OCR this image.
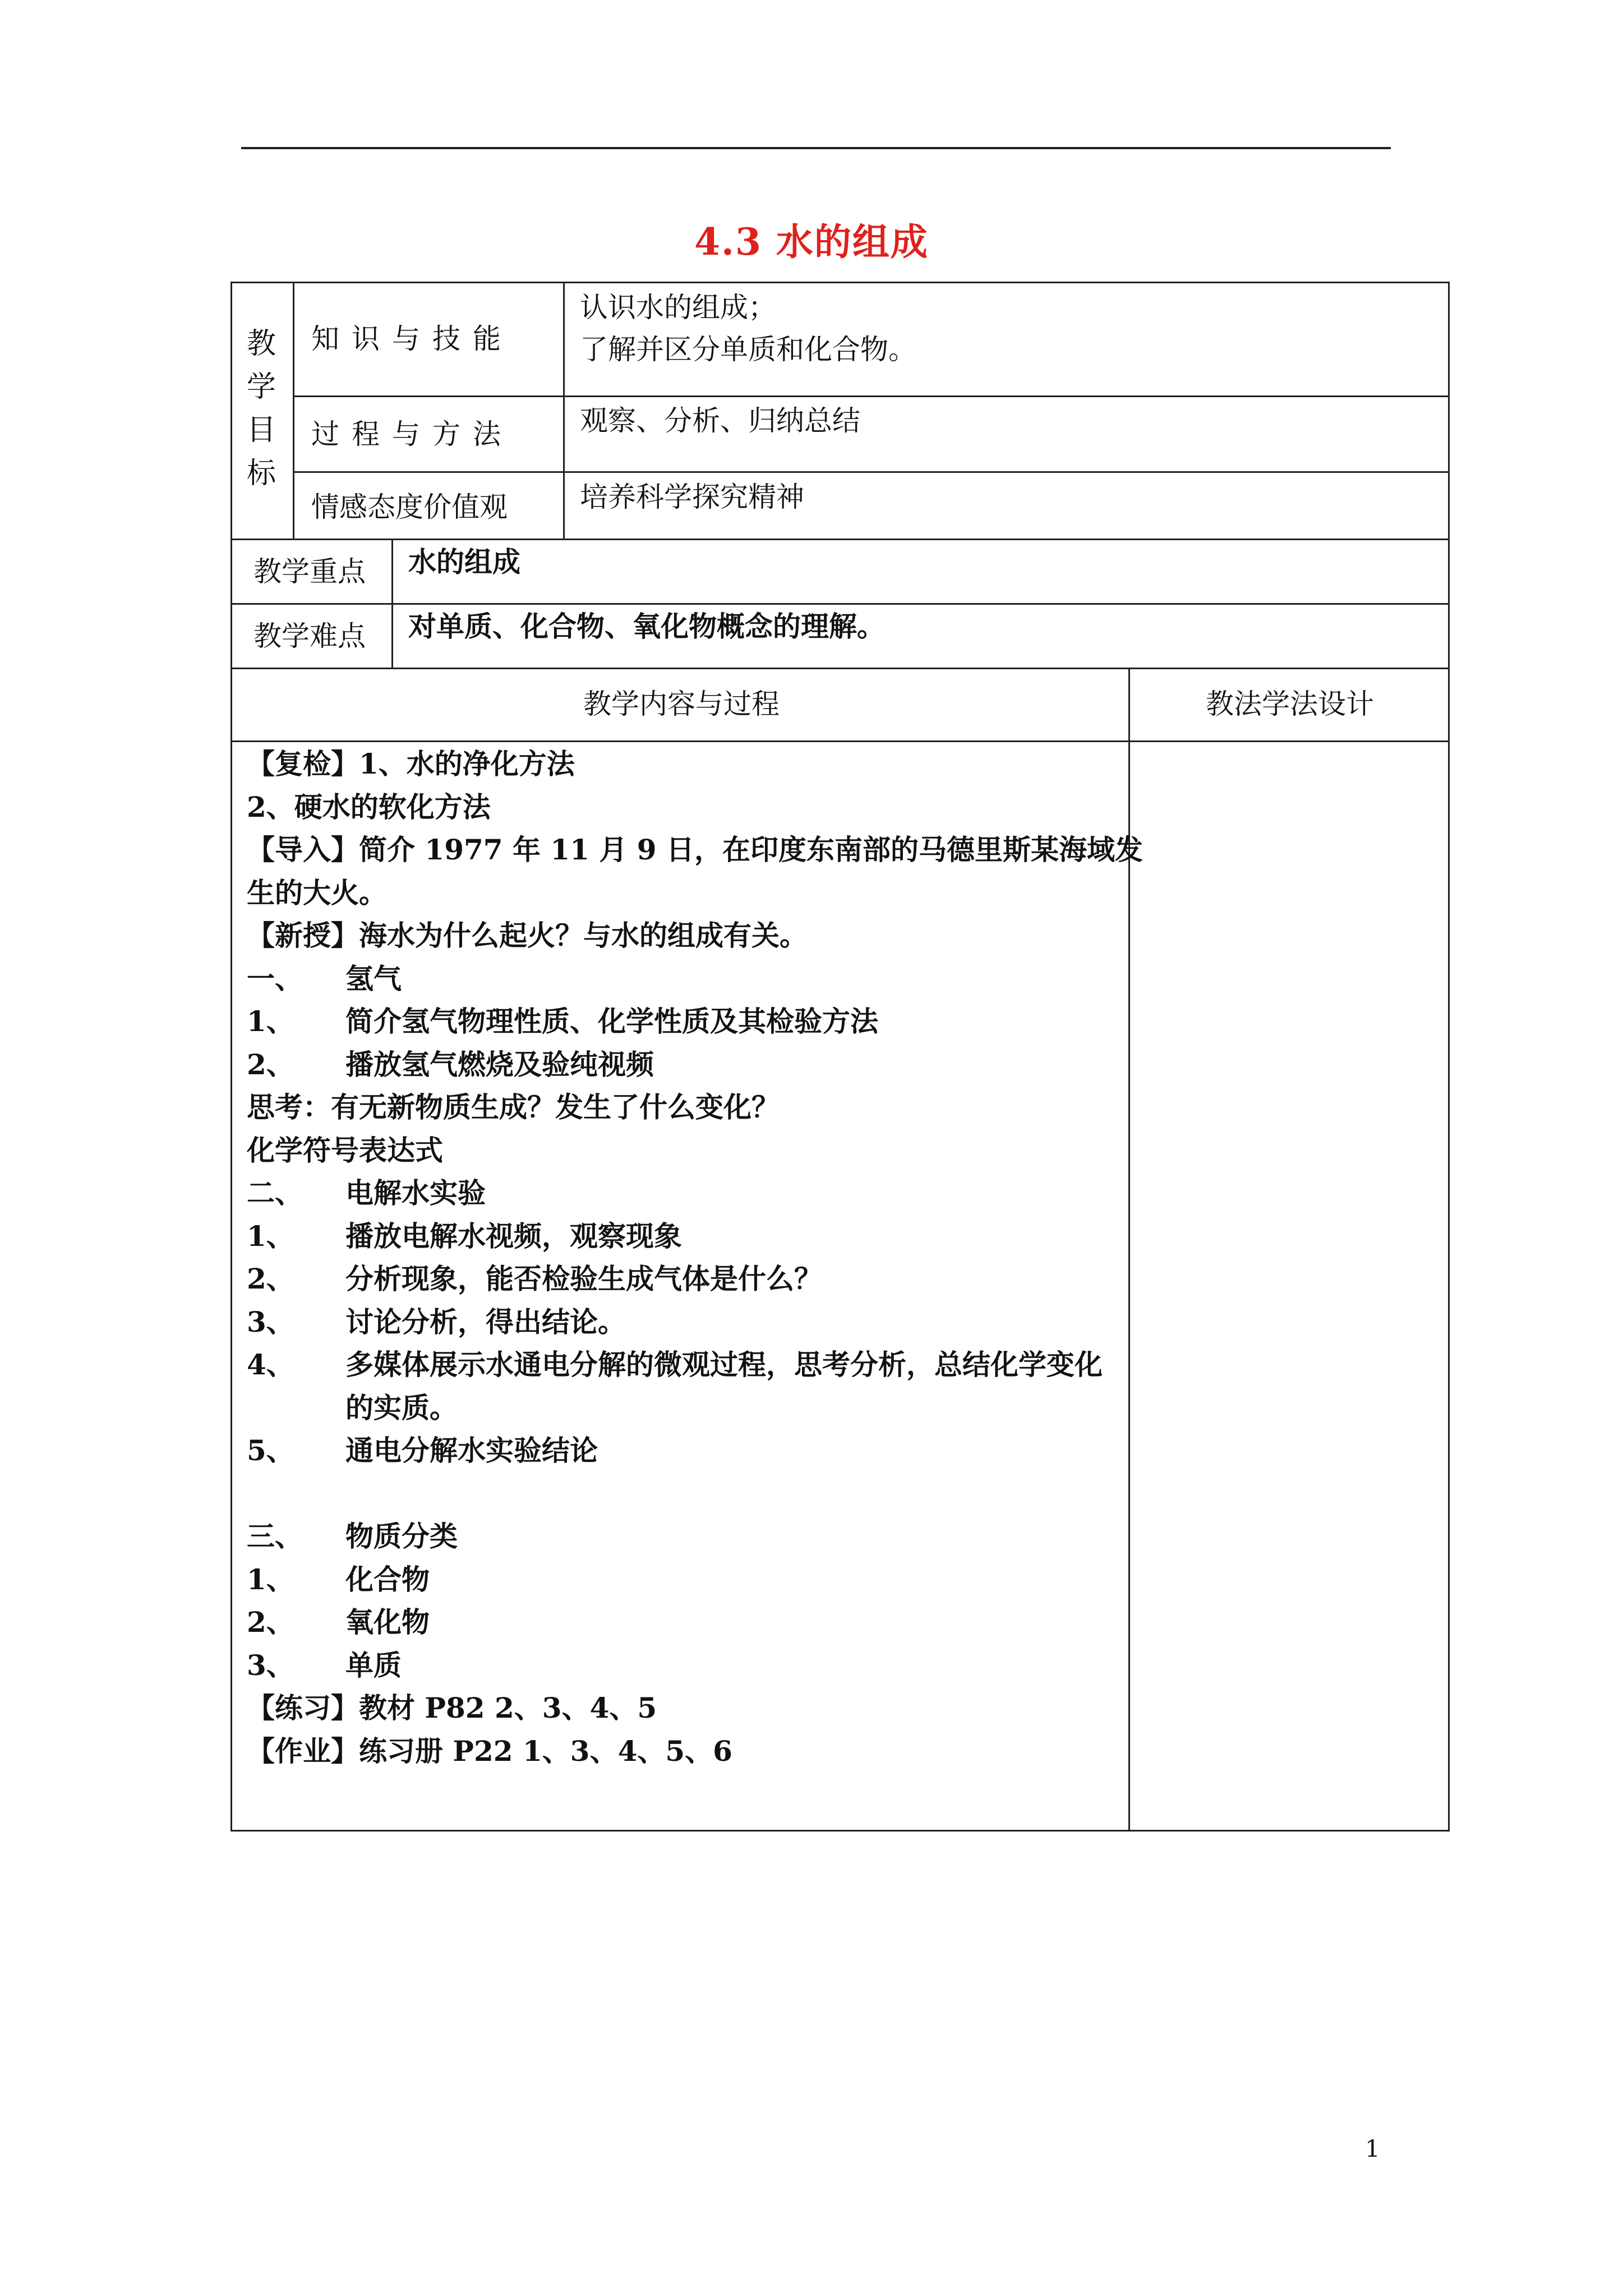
4.3 水的组成
教学目标
知识与技能
认识水的组成；
了解并区分单质和化合物。
过程与方法 观察、分析、归纳总结
情感态度价值观	培养科学探究精神
教学重点 水的组成
教学难点 对单质、化合物、氧化物概念的理解。
教学内容与过程	教法学法设计
【复检】1、水的净化方法
2、硬水的软化方法
【导入】简介 1977 年 11 月 9 日，在印度东南部的马德里斯某海域发
生的大火。
【新授】海水为什么起火？与水的组成有关。
一、 氢气
1、 简介氢气物理性质、化学性质及其检验方法
2、 播放氢气燃烧及验纯视频
思考：有无新物质生成？发生了什么变化？
化学符号表达式
二、 电解水实验
1、 播放电解水视频，观察现象
2、 分析现象，能否检验生成气体是什么？
3、 讨论分析，得出结论。
4、 多媒体展示水通电分解的微观过程，思考分析，总结化学变化
的实质。
5、 通电分解水实验结论
三、 物质分类
1、 化合物
2、 氧化物
3、 单质
【练习】教材 P82 2、3、4、5
【作业】练习册 P22 1、3、4、5、6
1
